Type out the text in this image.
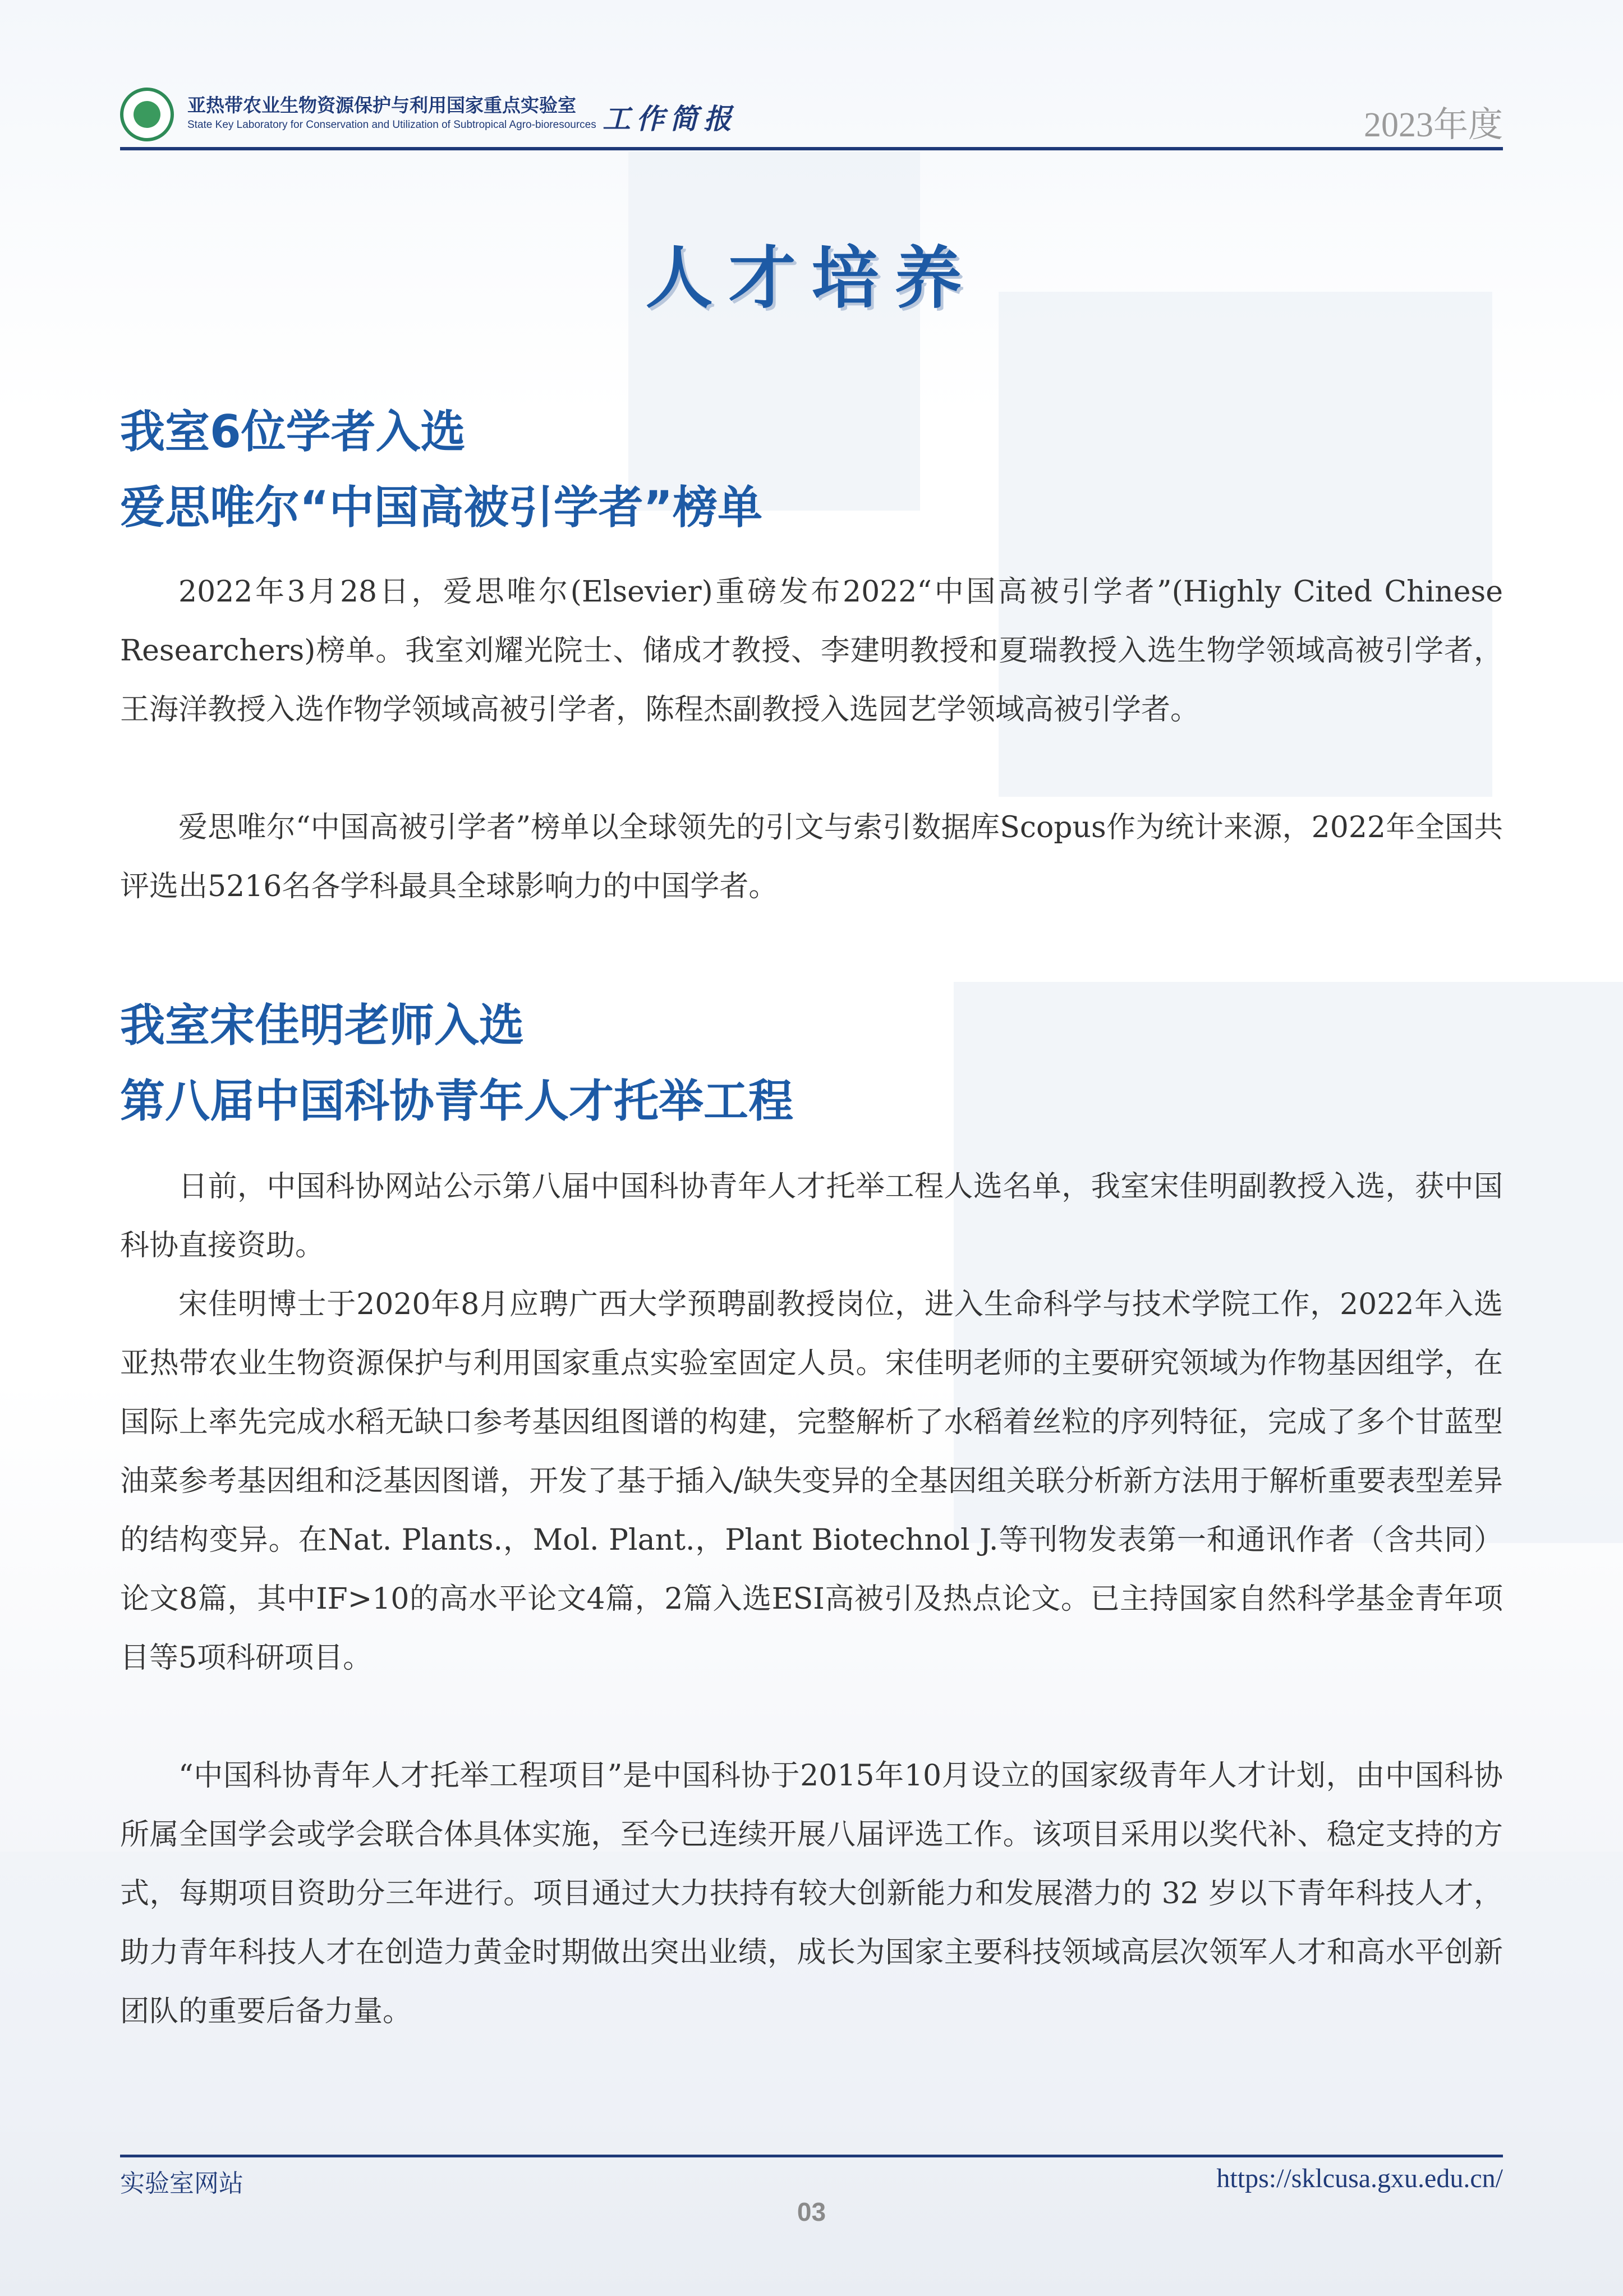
亚热带农业生物资源保护与利用国家重点实验室
State Key Laboratory for Conservation and Utilization of Subtropical Agro-bioresources 工作简报	2023年度
人才培养
我室6位学者入选
爱思唯尔“中国高被引学者”榜单

2022年3月28日，爱思唯尔(Elsevier)重磅发布2022“中国高被引学者”(Highly Cited Chinese Researchers)榜单。我室刘耀光院士、储成才教授、李建明教授和夏瑞教授入选生物学领域高被引学者，王海洋教授入选作物学领域高被引学者，陈程杰副教授入选园艺学领域高被引学者。

爱思唯尔“中国高被引学者”榜单以全球领先的引文与索引数据库Scopus作为统计来源，2022年全国共评选出5216名各学科最具全球影响力的中国学者。

我室宋佳明老师入选
第八届中国科协青年人才托举工程

日前，中国科协网站公示第八届中国科协青年人才托举工程人选名单，我室宋佳明副教授入选，获中国科协直接资助。

宋佳明博士于2020年8月应聘广西大学预聘副教授岗位，进入生命科学与技术学院工作，2022年入选亚热带农业生物资源保护与利用国家重点实验室固定人员。宋佳明老师的主要研究领域为作物基因组学，在国际上率先完成水稻无缺口参考基因组图谱的构建，完整解析了水稻着丝粒的序列特征，完成了多个甘蓝型油菜参考基因组和泛基因图谱，开发了基于插入/缺失变异的全基因组关联分析新方法用于解析重要表型差异的结构变异。在Nat. Plants.，Mol. Plant.，Plant Biotechnol J.等刊物发表第一和通讯作者（含共同）论文8篇，其中IF>10的高水平论文4篇，2篇入选ESI高被引及热点论文。已主持国家自然科学基金青年项目等5项科研项目。

“中国科协青年人才托举工程项目”是中国科协于2015年10月设立的国家级青年人才计划，由中国科协所属全国学会或学会联合体具体实施，至今已连续开展八届评选工作。该项目采用以奖代补、稳定支持的方式，每期项目资助分三年进行。项目通过大力扶持有较大创新能力和发展潜力的 32 岁以下青年科技人才，助力青年科技人才在创造力黄金时期做出突出业绩，成长为国家主要科技领域高层次领军人才和高水平创新团队的重要后备力量。

实验室网站	https://sklcusa.gxu.edu.cn/
03
